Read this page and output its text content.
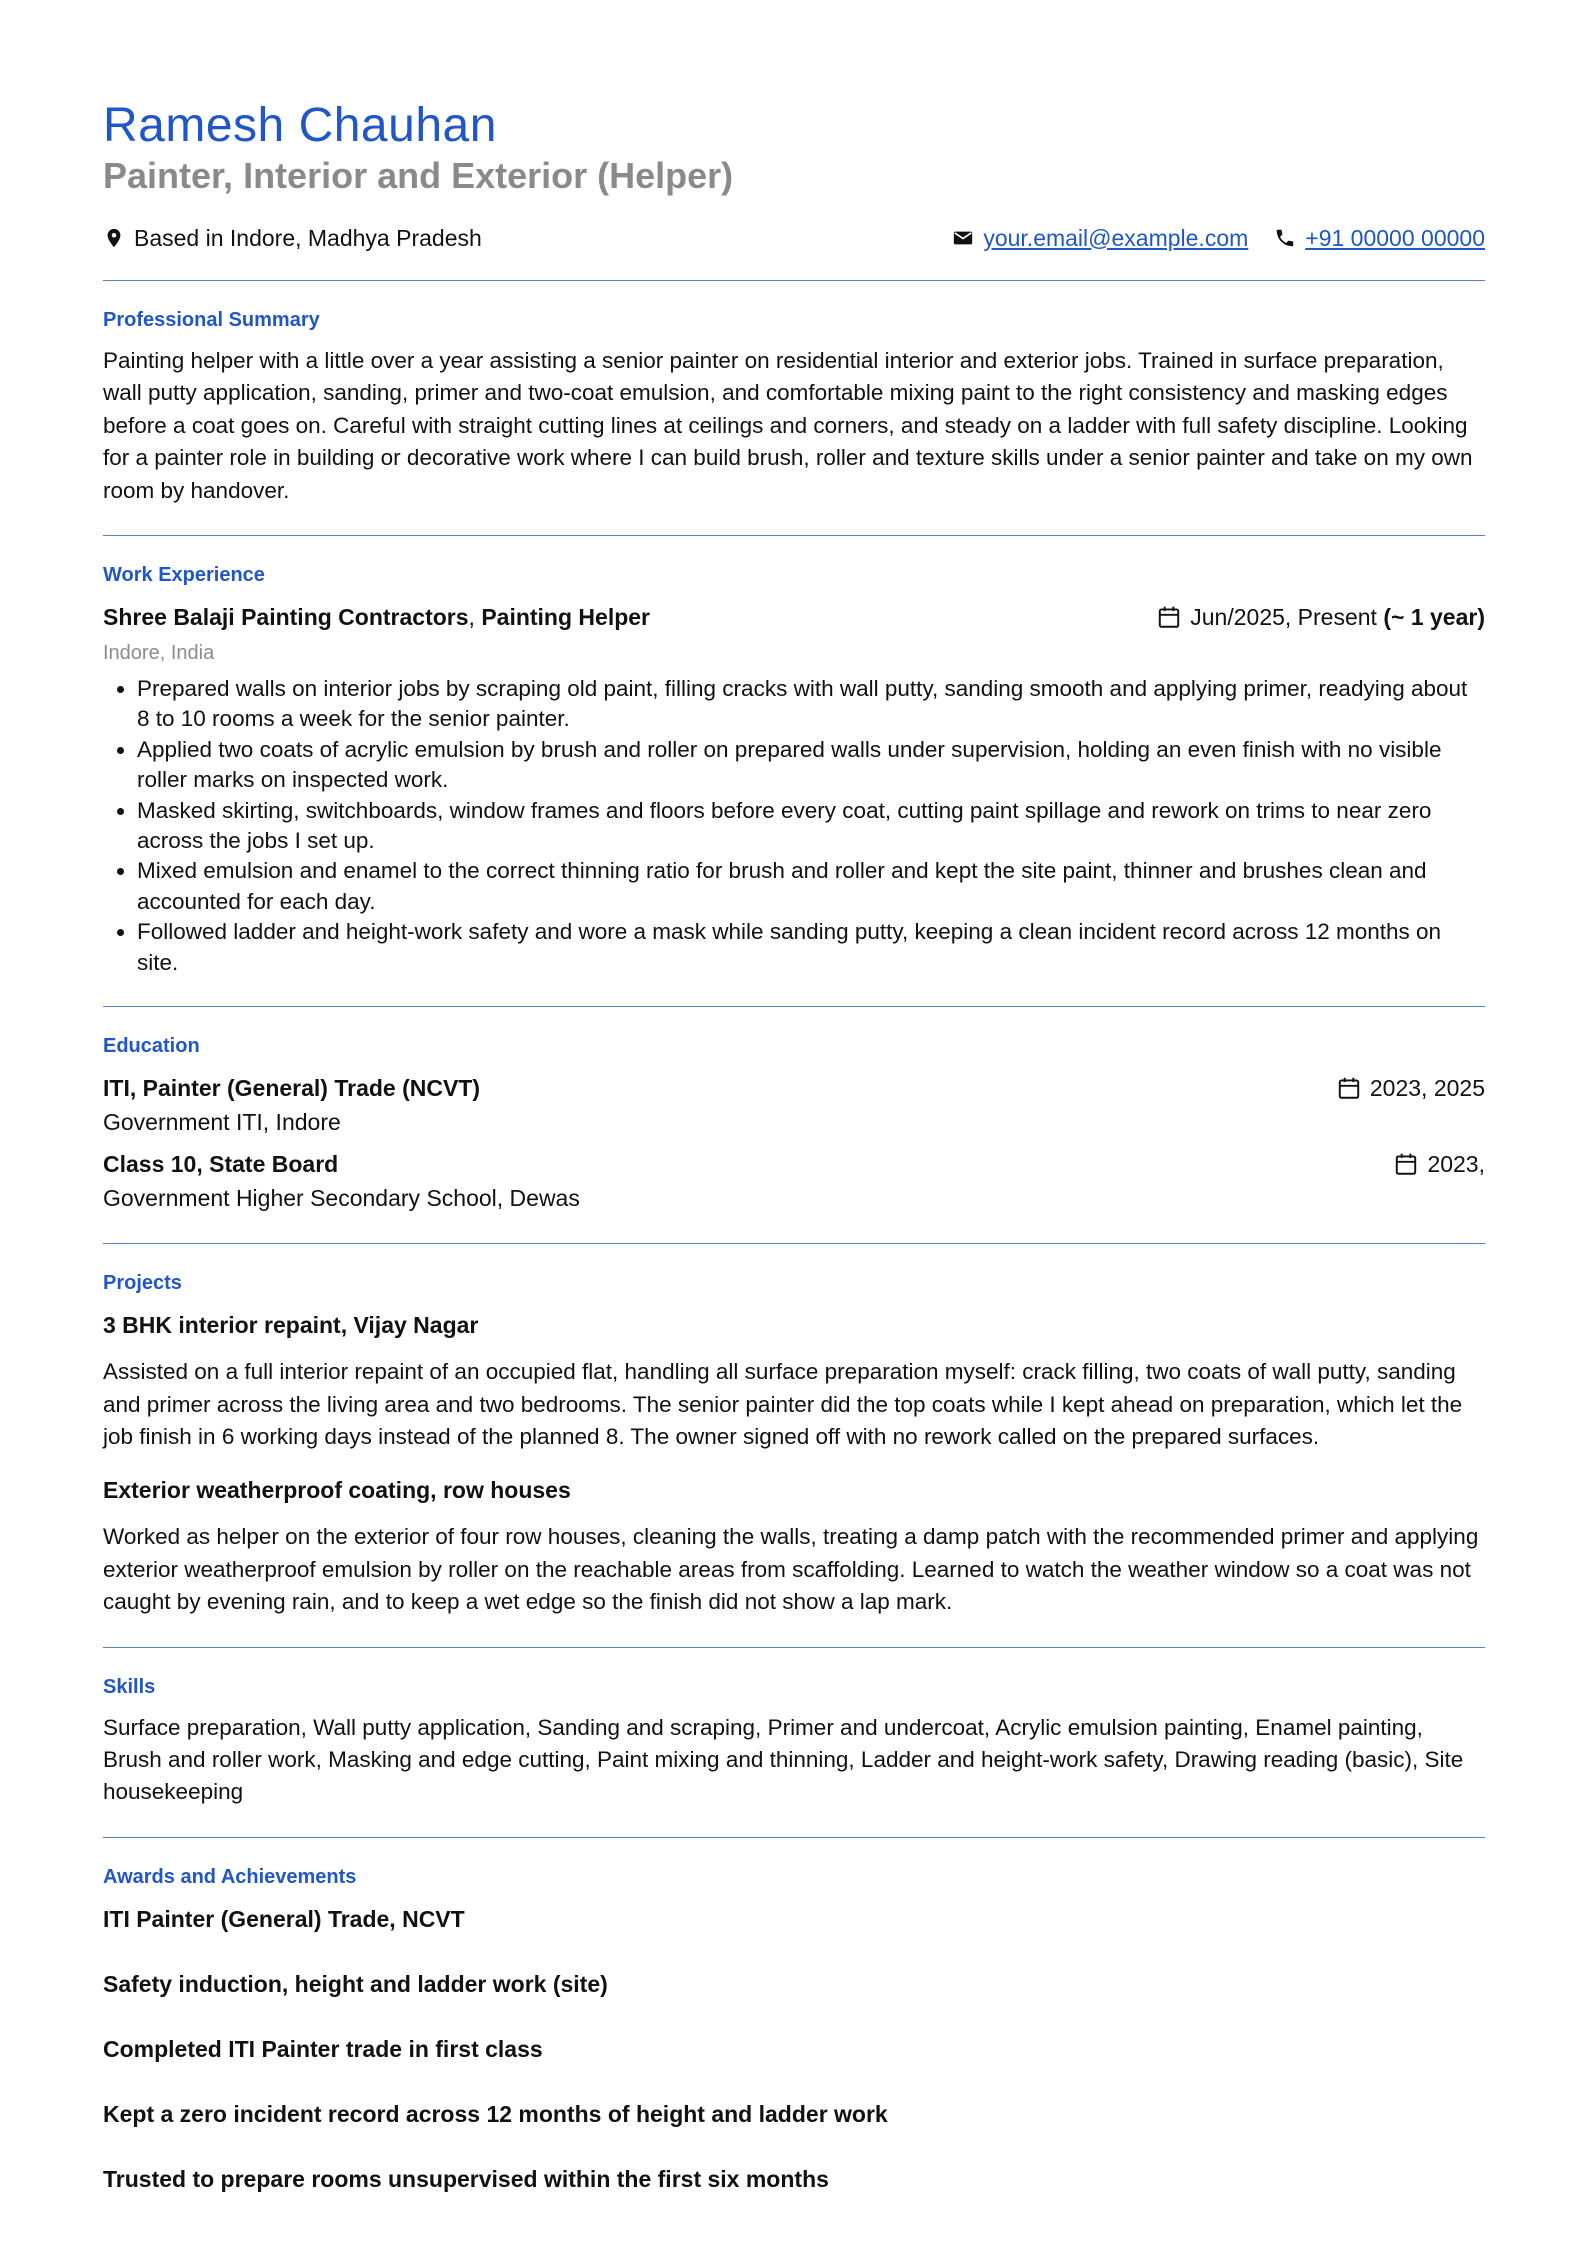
Ramesh Chauhan
Painter, Interior and Exterior (Helper)
Based in Indore, Madhya Pradesh	your.email@example.com +91 00000 00000
Professional Summary

Painting helper with a little over a year assisting a senior painter on residential interior and exterior jobs. Trained in surface preparation, wall putty application, sanding, primer and two-coat emulsion, and comfortable mixing paint to the right consistency and masking edges before a coat goes on. Careful with straight cutting lines at ceilings and corners, and steady on a ladder with full safety discipline. Looking for a painter role in building or decorative work where I can build brush, roller and texture skills under a senior painter and take on my own room by handover.

Work Experience
Shree Balaji Painting Contractors, Painting Helper	Jun/2025, Present
(~ 1 year)
Indore, India
• Prepared walls on interior jobs by scraping old paint, filling cracks with wall putty, sanding smooth and applying primer, readying about 8 to 10 rooms a week for the senior painter.
• Applied two coats of acrylic emulsion by brush and roller on prepared walls under supervision, holding an even finish with no visible roller marks on inspected work.
• Masked skirting, switchboards, window frames and floors before every coat, cutting paint spillage and rework on trims to near zero across the jobs I set up.
• Mixed emulsion and enamel to the correct thinning ratio for brush and roller and kept the site paint, thinner and brushes clean and accounted for each day.
• Followed ladder and height-work safety and wore a mask while sanding putty, keeping a clean incident record across 12 months on site.
Education
ITI, Painter (General) Trade (NCVT)	2023, 2025
Government ITI, Indore
Class 10, State Board	2023,
Government Higher Secondary School, Dewas
Projects
3 BHK interior repaint, Vijay Nagar

Assisted on a full interior repaint of an occupied flat, handling all surface preparation myself: crack filling, two coats of wall putty, sanding and primer across the living area and two bedrooms. The senior painter did the top coats while I kept ahead on preparation, which let the job finish in 6 working days instead of the planned 8. The owner signed off with no rework called on the prepared surfaces.

Exterior weatherproof coating, row houses

Worked as helper on the exterior of four row houses, cleaning the walls, treating a damp patch with the recommended primer and applying exterior weatherproof emulsion by roller on the reachable areas from scaffolding. Learned to watch the weather window so a coat was not caught by evening rain, and to keep a wet edge so the finish did not show a lap mark.

Skills

Surface preparation, Wall putty application, Sanding and scraping, Primer and undercoat, Acrylic emulsion painting, Enamel painting, Brush and roller work, Masking and edge cutting, Paint mixing and thinning, Ladder and height-work safety, Drawing reading (basic), Site housekeeping

Awards and Achievements

ITI Painter (General) Trade, NCVT

Safety induction, height and ladder work (site)

Completed ITI Painter trade in first class

Kept a zero incident record across 12 months of height and ladder work

Trusted to prepare rooms unsupervised within the first six months
